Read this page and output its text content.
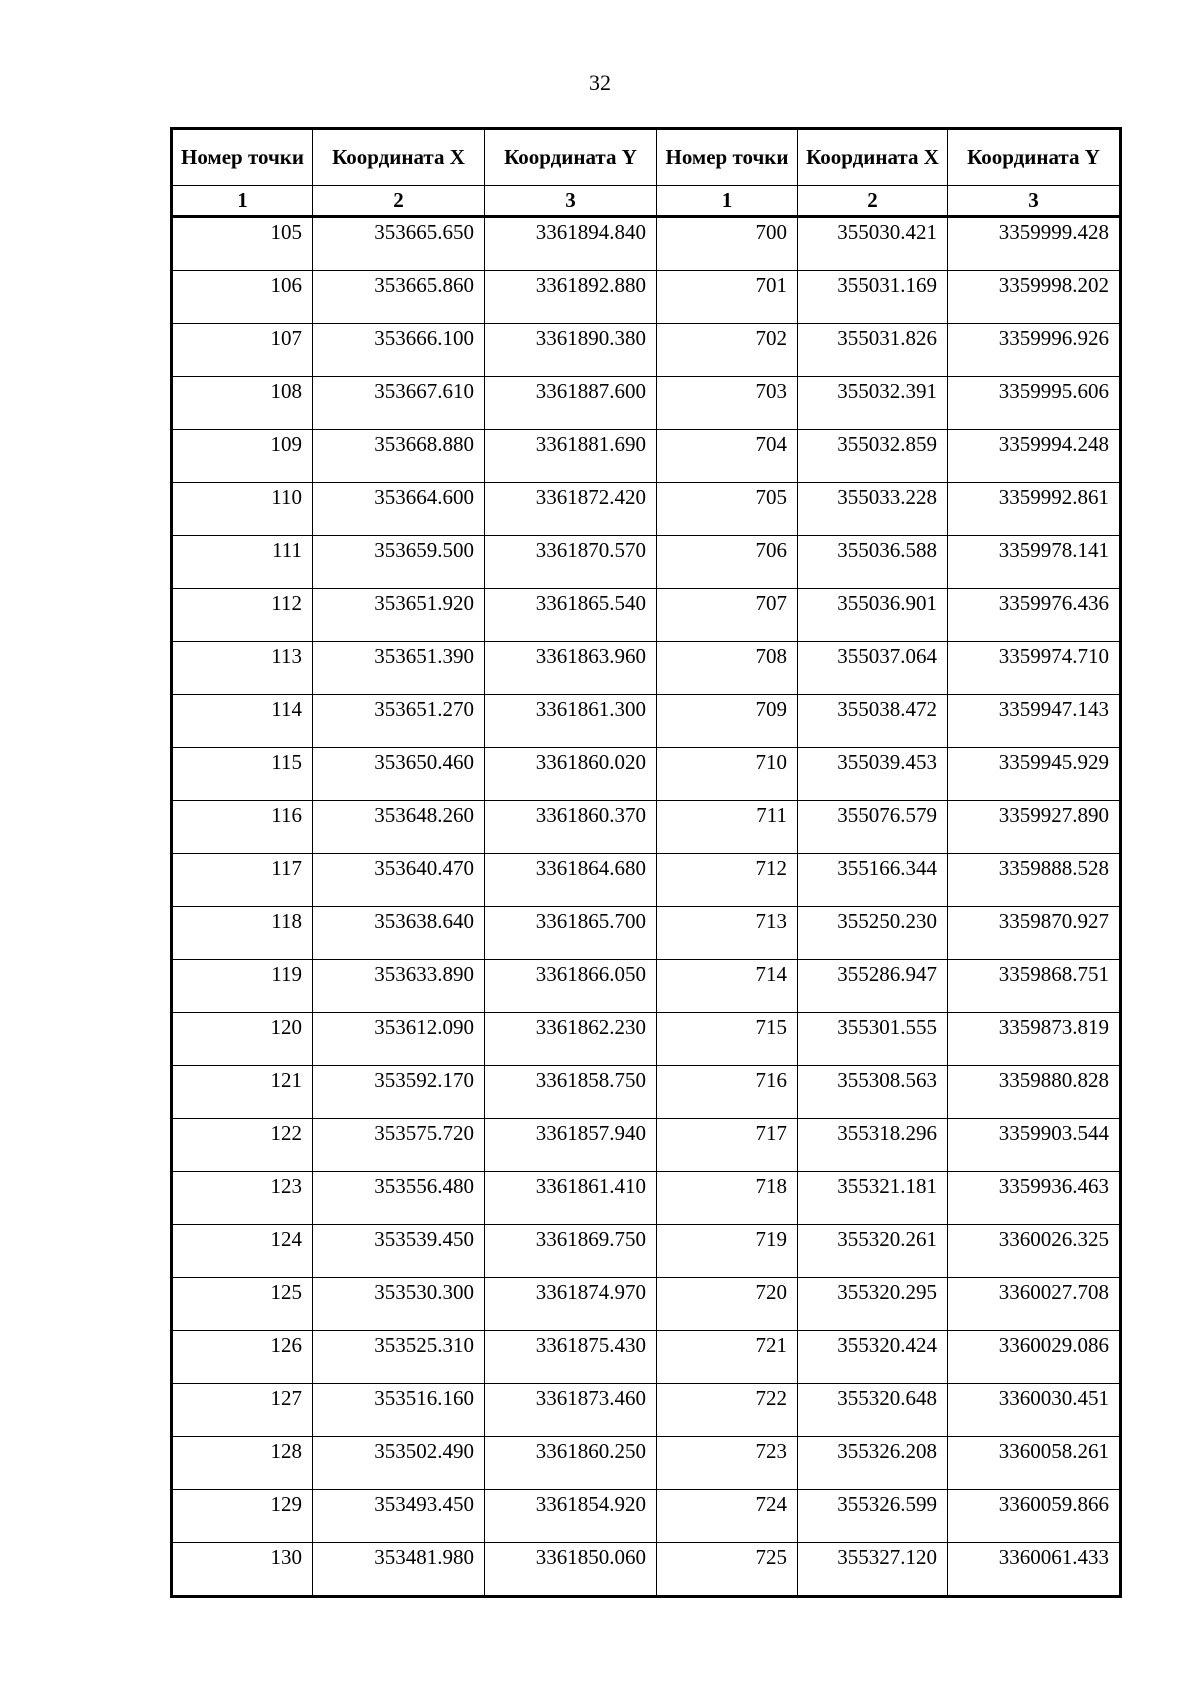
32
Номер точки	Координата X	Координата Y	Номер точки	Координата X	Координата Y
1	2	3	1	2	3
105	353665.650	3361894.840	700	355030.421	3359999.428
106	353665.860	3361892.880	701	355031.169	3359998.202
107	353666.100	3361890.380	702	355031.826	3359996.926
108	353667.610	3361887.600	703	355032.391	3359995.606
109	353668.880	3361881.690	704	355032.859	3359994.248
110	353664.600	3361872.420	705	355033.228	3359992.861
111	353659.500	3361870.570	706	355036.588	3359978.141
112	353651.920	3361865.540	707	355036.901	3359976.436
113	353651.390	3361863.960	708	355037.064	3359974.710
114	353651.270	3361861.300	709	355038.472	3359947.143
115	353650.460	3361860.020	710	355039.453	3359945.929
116	353648.260	3361860.370	711	355076.579	3359927.890
117	353640.470	3361864.680	712	355166.344	3359888.528
118	353638.640	3361865.700	713	355250.230	3359870.927
119	353633.890	3361866.050	714	355286.947	3359868.751
120	353612.090	3361862.230	715	355301.555	3359873.819
121	353592.170	3361858.750	716	355308.563	3359880.828
122	353575.720	3361857.940	717	355318.296	3359903.544
123	353556.480	3361861.410	718	355321.181	3359936.463
124	353539.450	3361869.750	719	355320.261	3360026.325
125	353530.300	3361874.970	720	355320.295	3360027.708
126	353525.310	3361875.430	721	355320.424	3360029.086
127	353516.160	3361873.460	722	355320.648	3360030.451
128	353502.490	3361860.250	723	355326.208	3360058.261
129	353493.450	3361854.920	724	355326.599	3360059.866
130	353481.980	3361850.060	725	355327.120	3360061.433
